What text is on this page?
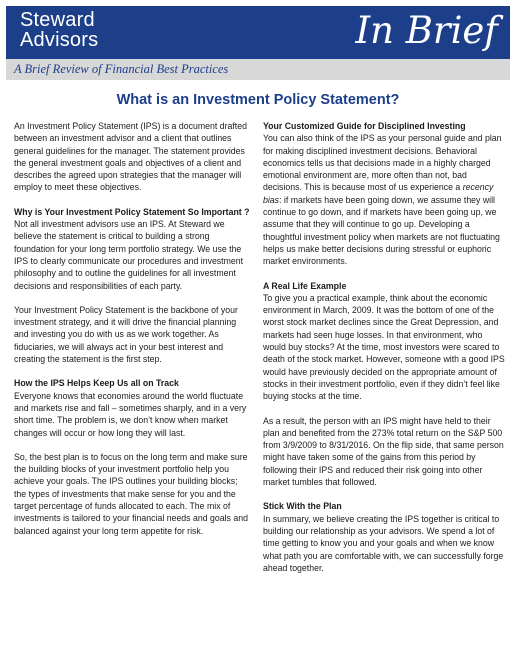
Steward
Advisors	In Brief
A Brief Review of Financial Best Practices
What is an Investment Policy Statement?

An Investment Policy Statement (IPS) is a document drafted between an investment advisor and a client that outlines general guidelines for the manager. The statement provides the general investment goals and objectives of a client and describes the agreed upon strategies that the manager will employ to meet these objectives.

Why is Your Investment Policy Statement So Important ?

Not all investment advisors use an IPS. At Steward we believe the statement is critical to building a strong foundation for your long term portfolio strategy. We use the IPS to clearly communicate our procedures and investment philosophy and to outline the guidelines for all investment decisions and responsibilities of each party.

Your Investment Policy Statement is the backbone of your investment strategy, and it will drive the financial planning and investing you do with us as we work together. As fiduciaries, we will always act in your best interest and creating the statement is the first step.

How the IPS Helps Keep Us all on Track

Everyone knows that economies around the world fluctuate and markets rise and fall – sometimes sharply, and in a very short time. The problem is, we don’t know when market changes will occur or how long they will last.

So, the best plan is to focus on the long term and make sure the building blocks of your investment portfolio help you achieve your goals. The IPS outlines your building blocks; the types of investments that make sense for you and the target percentage of funds allocated to each. The mix of investments is tailored to your financial needs and goals and balanced against your long term appetite for risk.

Your Customized Guide for Disciplined Investing

You can also think of the IPS as your personal guide and plan for making disciplined investment decisions. Behavioral economics tells us that decisions made in a highly charged emotional environment are, more often than not, bad decisions. This is because most of us experience a recency bias: if markets have been going down, we assume they will continue to go down, and if markets have been going up, we assume that they will continue to go up. Developing a thoughtful investment policy when markets are not fluctuating helps us make better decisions during stressful or euphoric market environments.

A Real Life Example

To give you a practical example, think about the economic environment in March, 2009. It was the bottom of one of the worst stock market declines since the Great Depression, and markets had seen huge losses. In that environment, who would buy stocks? At the time, most investors were scared to death of the stock market. However, someone with a good IPS would have previously decided on the appropriate amount of stocks in their investment portfolio, even if they didn’t feel like buying stocks at the time.

As a result, the person with an IPS might have held to their plan and benefited from the 273% total return on the S&P 500 from 3/9/2009 to 8/31/2016. On the flip side, that same person might have taken some of the gains from this period by following their IPS and reduced their risk going into other market tumbles that followed.

Stick With the Plan

In summary, we believe creating the IPS together is critical to building our relationship as your advisors. We spend a lot of time getting to know you and your goals and when we know what path you are comfortable with, we can successfully forge ahead together.
